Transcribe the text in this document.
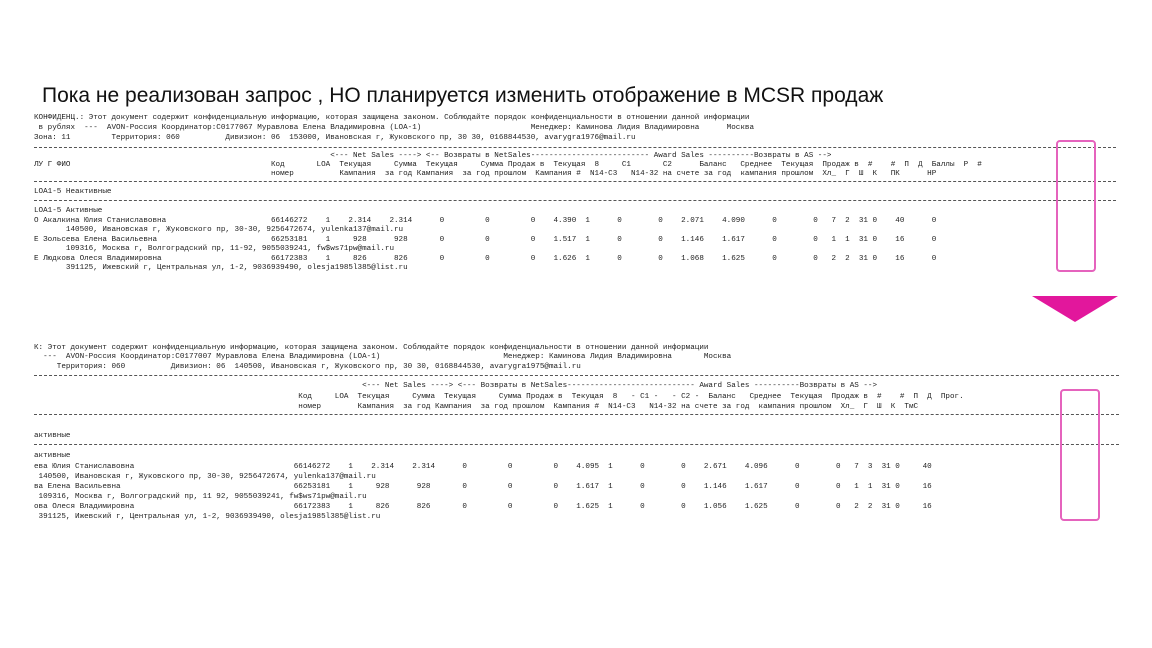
Пока не реализован запрос , НО планируется изменить отображение в MCSR продаж
КОНФИДЕНЦ.: Этот документ содержит конфиденциальную информацию, которая защищена законом. Соблюдайте порядок конфиденциальности в отношении данной информации
в рублях  ---  AVON-Россия Координатор:C0177067 Муравлова Елена Владимировна (LOA-1)                        Менеджер: Каминова Лидия Владимировна      Москва
Зона: 11         Территория: 060          Дивизион: 06  153000, Ивановская г, Жуковского пр, 30 30, 0168844530, avarygra1976@mail.ru
<--- Net Sales ----> <-- Возвраты в NetSales-------------------------- Award Sales ----------Возвраты в AS -->
ЛУ Г ФИО                                            Код       LOA  Текущая     Сумма  Текущая     Сумма Продаж в  Текущая  8     С1       С2      Баланс   Среднее  Текущая  Продаж в  #    #  П  Д  Баллы  Р  #
номер          Кампания  за год Кампания  за год прошлом  Кампания #  N14-C3   N14-32 на счете за год  кампания прошлом  Хл_  Г  Ш  К   ПК      НР
LOA1-5 Неактивные
LOA1-5 Активные
О Акалкина Юлия Станиславовна                       66146272    1    2.314    2.314      0         0         0    4.390  1      0        0    2.071    4.090      0        0   7  2  31 0    40      0
140500, Ивановская г, Жуковского пр, 30-30, 9256472674, yulenka137@mail.ru
Е Зольсева Елена Васильевна                         66253181    1     928      928       0         0         0    1.517  1      0        0    1.146    1.617      0        0   1  1  31 0    16      0
109316, Москва г, Волгоградский пр, 11-92, 9055039241, fw$ws71pw@mail.ru
Е Людкова Олеся Владимировна                        66172383    1     826      826       0         0         0    1.626  1      0        0    1.068    1.625      0        0   2  2  31 0    16      0
391125, Ижевский г, Центральная ул, 1-2, 9036939490, olesja1985l385@list.ru
К: Этот документ содержит конфиденциальную информацию, которая защищена законом. Соблюдайте порядок конфиденциальности в отношении данной информации
---  AVON-Россия Координатор:C0177007 Муравлова Елена Владимировна (LOA-1)                           Менеджер: Каминова Лидия Владимировна       Москва
Территория: 060          Дивизион: 06  140500, Ивановская г, Жуковского пр, 30 30, 0168844530, avarygra1975@mail.ru
<--- Net Sales ----> <--- Возвраты в NetSales---------------------------- Award Sales ----------Возвраты в AS -->
Код     LOA  Текущая     Сумма  Текущая     Сумма Продаж в  Текущая  8   - C1 -   - C2 -  Баланс   Среднее  Текущая  Продаж в  #    #  П  Д  Прог.
номер        Кампания  за год Кампания  за год прошлом  Кампания #  N14-C3   N14-32 на счете за год  кампания прошлом  Хл_  Г  Ш  К  ТмС
активные
активные
ева Юлия Станиславовна                                   66146272    1    2.314    2.314      0         0         0    4.095  1      0        0    2.671    4.096      0        0   7  3  31 0     40
140500, Ивановская г, Жуковского пр, 30-30, 9256472674, yulenka137@mail.ru
ва Елена Васильевна                                      66253181    1     928      928       0         0         0    1.617  1      0        0    1.146    1.617      0        0   1  1  31 0     16
109316, Москва г, Волгоградский пр, 11 92, 9055039241, fw$ws71pw@mail.ru
ова Олеся Владимировна                                   66172383    1     826      826       0         0         0    1.625  1      0        0    1.056    1.625      0        0   2  2  31 0     16
391125, Ижевский г, Центральная ул, 1-2, 9036939490, olesja1985l385@list.ru
